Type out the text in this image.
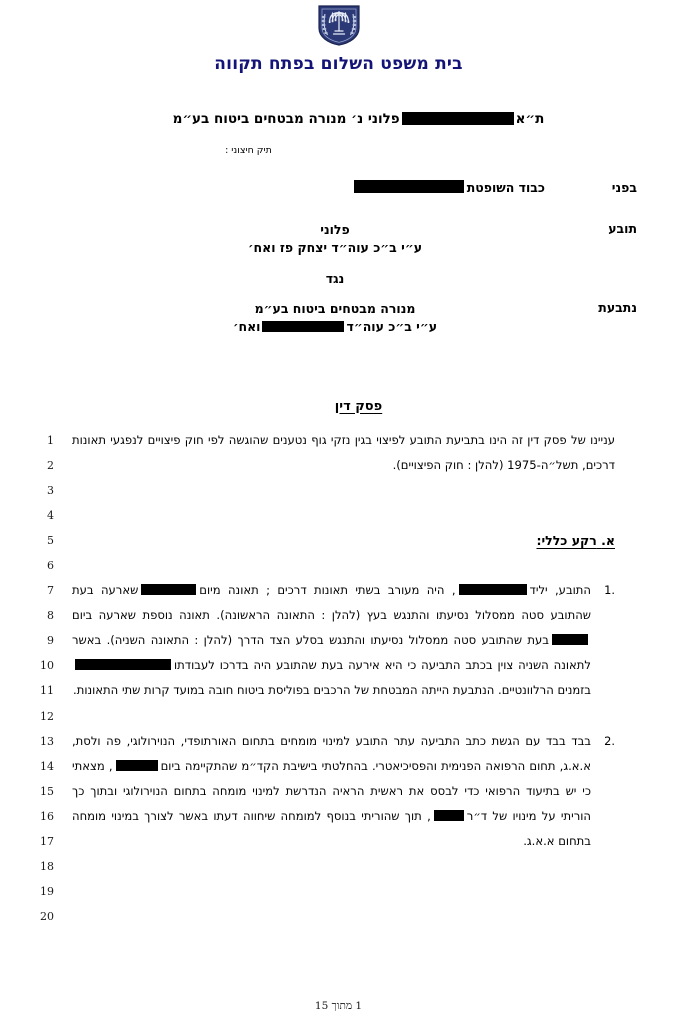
בית משפט השלום בפתח תקווה
ת״אפלוני נ׳ מנורה מבטחים ביטוח בע״מ
תיק חיצוני :
בפני
כבוד השופטת
תובע
פלוני
ע״י ב״כ עוה״ד יצחק פז ואח׳
נגד
נתבעת
מנורה מבטחים ביטוח בע״מ
ע״י ב״כ עוה״דואח׳
פסק דין
1
2
3
4
5
6
7
8
9
10
11
12
13
14
15
16
17
18
19
20

עניינו של פסק דין זה הינו בתביעת התובע לפיצוי בגין נזקי גוף נטענים שהוגשה לפי חוק פיצויים לנפגעי תאונות דרכים, תשל״ה-1975 (להלן : חוק הפיצויים).

א. רקע כללי:

1.
התובע, יליד, היה מעורב בשתי תאונות דרכים ; תאונה מיוםשארעה בעת שהתובע סטה ממסלול נסיעתו והתנגש בעץ (להלן : התאונה הראשונה). תאונה נוספת שארעה ביוםבעת שהתובע סטה ממסלול נסיעתו והתנגש בסלע הצד הדרך (להלן : התאונה השניה). באשר לתאונה השניה צוין בכתב התביעה כי היא אירעה בעת שהתובע היה בדרכו לעבודתובזמנים הרלוונטיים. הנתבעת הייתה המבטחת של הרכבים בפוליסת ביטוח חובה במועד קרות שתי התאונות.
2.
בבד בבד עם הגשת כתב התביעה עתר התובע למינוי מומחים בתחום האורתופדי, הנוירולוגי, פה ולסת, א.א.ג, תחום הרפואה הפנימית והפסיכיאטרי. בהחלטתי בישיבת הקד״מ שהתקיימה ביום, מצאתי כי יש בתיעוד הרפואי כדי לבסס את ראשית הראיה הנדרשת למינוי מומחה בתחום הנוירולוגי ובתוך כך הוריתי על מינויו של ד״ר, תוך שהוריתי בנוסף למומחה שיחווה דעתו באשר לצורך במינוי מומחה בתחום א.א.ג.
1 מתוך 15
